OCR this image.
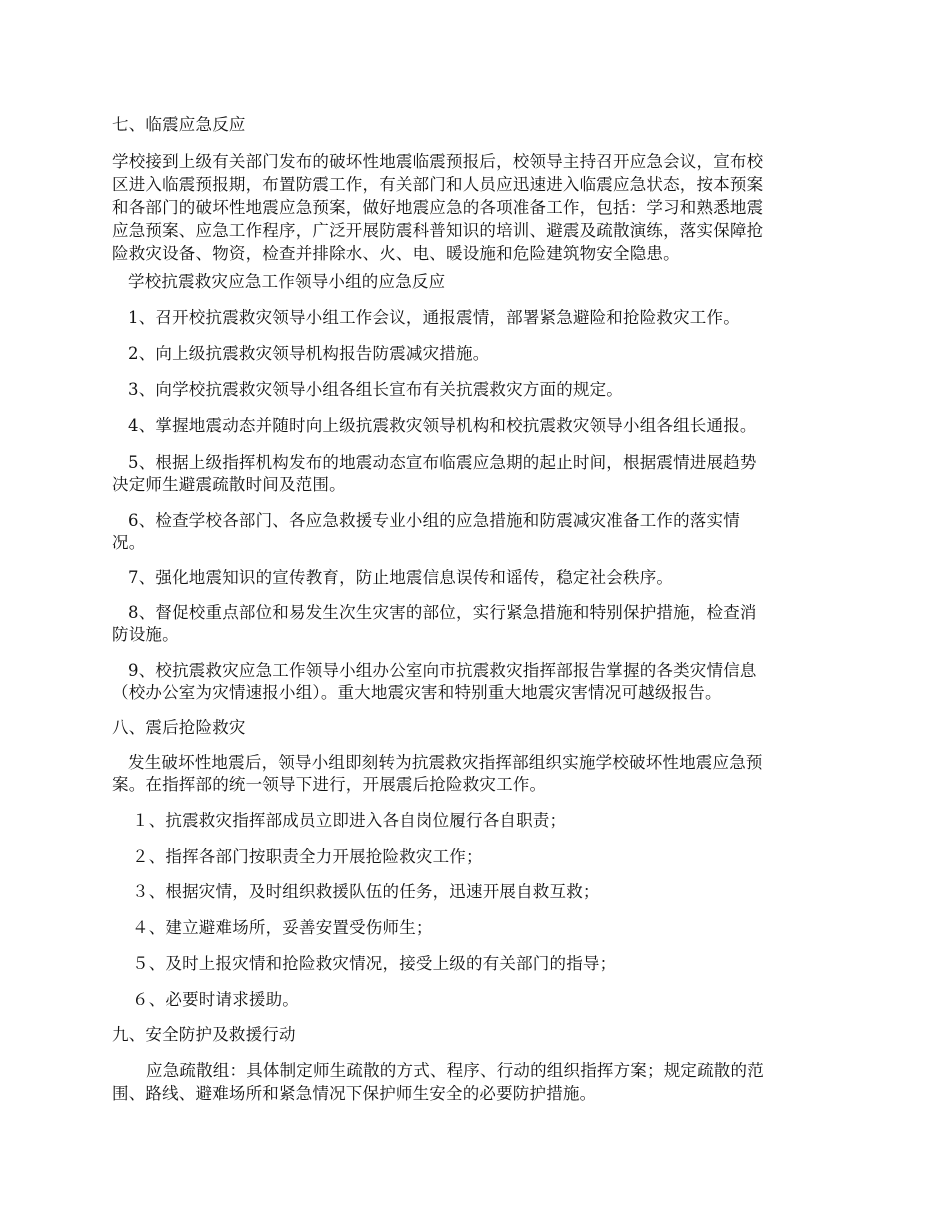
七、临震应急反应
学校接到上级有关部门发布的破坏性地震临震预报后，校领导主持召开应急会议，宣布校
区进入临震预报期，布置防震工作，有关部门和人员应迅速进入临震应急状态，按本预案
和各部门的破坏性地震应急预案，做好地震应急的各项准备工作，包括：学习和熟悉地震
应急预案、应急工作程序，广泛开展防震科普知识的培训、避震及疏散演练，落实保障抢
险救灾设备、物资，检查并排除水、火、电、暖设施和危险建筑物安全隐患。
学校抗震救灾应急工作领导小组的应急反应
1、召开校抗震救灾领导小组工作会议，通报震情，部署紧急避险和抢险救灾工作。
2、向上级抗震救灾领导机构报告防震减灾措施。
3、向学校抗震救灾领导小组各组长宣布有关抗震救灾方面的规定。
4、掌握地震动态并随时向上级抗震救灾领导机构和校抗震救灾领导小组各组长通报。
5、根据上级指挥机构发布的地震动态宣布临震应急期的起止时间，根据震情进展趋势
决定师生避震疏散时间及范围。
6、检查学校各部门、各应急救援专业小组的应急措施和防震减灾准备工作的落实情
况。
7、强化地震知识的宣传教育，防止地震信息误传和谣传，稳定社会秩序。
8、督促校重点部位和易发生次生灾害的部位，实行紧急措施和特别保护措施，检查消
防设施。
9、校抗震救灾应急工作领导小组办公室向市抗震救灾指挥部报告掌握的各类灾情信息
（校办公室为灾情速报小组）。重大地震灾害和特别重大地震灾害情况可越级报告。
八、震后抢险救灾
发生破坏性地震后，领导小组即刻转为抗震救灾指挥部组织实施学校破坏性地震应急预
案。在指挥部的统一领导下进行，开展震后抢险救灾工作。
１、抗震救灾指挥部成员立即进入各自岗位履行各自职责；
２、指挥各部门按职责全力开展抢险救灾工作；
３、根据灾情，及时组织救援队伍的任务，迅速开展自救互救；
４、建立避难场所，妥善安置受伤师生；
５、及时上报灾情和抢险救灾情况，接受上级的有关部门的指导；
６、必要时请求援助。
九、安全防护及救援行动
应急疏散组：具体制定师生疏散的方式、程序、行动的组织指挥方案；规定疏散的范
围、路线、避难场所和紧急情况下保护师生安全的必要防护措施。
